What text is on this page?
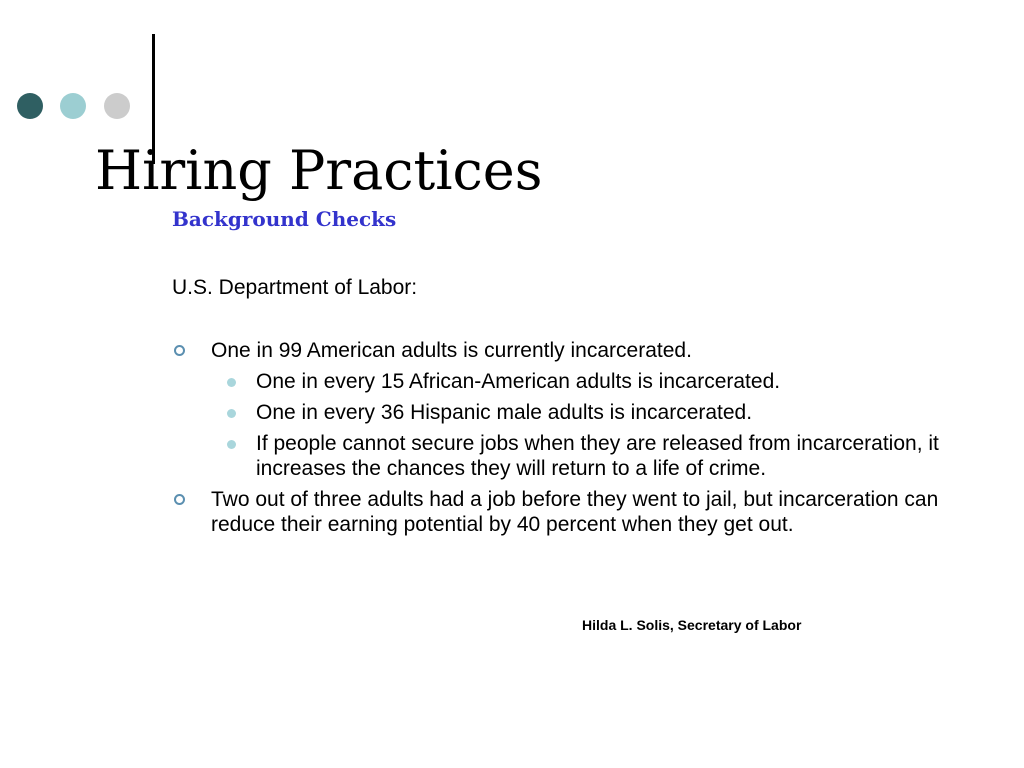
Hiring Practices
Background Checks
U.S. Department of Labor:
One in 99 American adults is currently incarcerated.
One in every 15 African-American adults is incarcerated.
One in every 36 Hispanic male adults is incarcerated.
If people cannot secure jobs when they are released from incarceration, it increases the chances they will return to a life of crime.
Two out of three adults had a job before they went to jail, but incarceration can reduce their earning potential by 40 percent when they get out.
Hilda L. Solis, Secretary of Labor
